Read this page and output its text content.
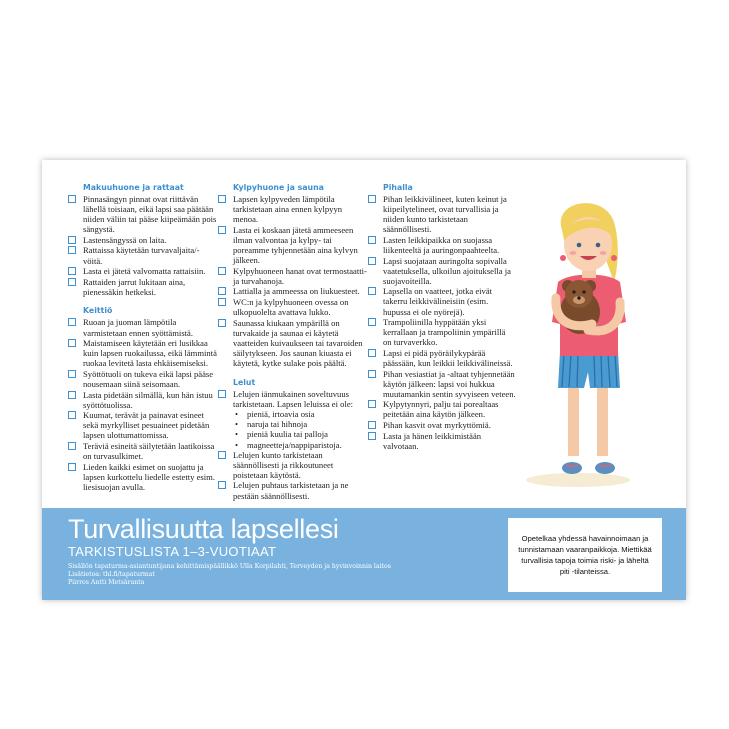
Makuuhuone ja rattaat
Pinnasängyn pinnat ovat riittävän lähellä toisiaan, eikä lapsi saa päätään niiden väliin tai pääse kiipeämään pois sängystä.
Lastensängyssä on laita.
Rattaissa käytetään turvavaljaita/-vöitä.
Lasta ei jätetä valvomatta rattaisiin.
Rattaiden jarrut lukitaan aina, pienessäkin hetkeksi.
Keittiö
Ruoan ja juoman lämpötila varmistetaan ennen syöttämistä.
Maistamiseen käytetään eri lusikkaa kuin lapsen ruokailussa, eikä lämmintä ruokaa levitetä lasta ehkäisemiseksi.
Syöttötuoli on tukeva eikä lapsi pääse nousemaan siinä seisomaan.
Lasta pidetään silmällä, kun hän istuu syöttötuolissa.
Kuumat, terävät ja painavat esineet sekä myrkylliset pesuaineet pidetään lapsen ulottumattomissa.
Teräviä esineitä säilytetään laatikoissa on turvasulkimet.
Lieden kaikki esimet on suojattu ja lapsen kurkottelu liedelle estetty esim. liesisuojan avulla.
Kylpyhuone ja sauna
Lapsen kylpyveden lämpötila tarkistetaan aina ennen kylpyyn menoa.
Lasta ei koskaan jätetä ammeeseen ilman valvontaa ja kylpy- tai poreamme tyhjennetään aina kylvyn jälkeen.
Kylpyhuoneen hanat ovat termostaatti- ja turvahanoja.
Lattialla ja ammeessa on liukuesteet.
WC:n ja kylpyhuoneen ovessa on ulkopuolelta avattava lukko.
Saunassa kiukaan ympärillä on turvakaide ja saunaa ei käytetä vaatteiden kuivaukseen tai tavaroiden säilytykseen. Jos saunan kiuasta ei käytetä, kytke sulake pois päältä.
Lelut
Lelujen iänmukainen soveltuvuus tarkistetaan. Lapsen leluissa ei ole:
• pieniä, irtoavia osia
• naruja tai hihnoja
• pieniä kuulia tai palloja
• magneetteja/nappiparistoja.
Lelujen kunto tarkistetaan säännöllisesti ja rikkoutuneet poistetaan käytöstä.
Lelujen puhtaus tarkistetaan ja ne pestään säännöllisesti.
Pihalla
Pihan leikkivälineet, kuten keinut ja kiipeilytelineet, ovat turvallisia ja niiden kunto tarkistetaan säännöllisesti.
Lasten leikkipaikka on suojassa liikenteeltä ja auringonpaahteelta.
Lapsi suojataan auringolta sopivalla vaatetuksella, ulkoilun ajoituksella ja suojavoiteilla.
Lapsella on vaatteet, jotka eivät takerru leikkivälineisiin (esim. hupussa ei ole nyörejä).
Trampoliinilla hyppätään yksi kerrallaan ja trampoliinin ympärillä on turvaverkko.
Lapsi ei pidä pyöräilykypärää päässään, kun leikkii leikkivälineissä.
Pihan vesiastiat ja -altaat tyhjennetään käytön jälkeen: lapsi voi hukkua muutamankin sentin syvyiseen veteen.
Kylpytynnyri, palju tai porealtaas peitetään aina käytön jälkeen.
Pihan kasvit ovat myrkyttömiä.
Lasta ja hänen leikkimistään valvotaan.
Turvallisuutta lapsellesi
TARKISTUSLISTA 1–3-VUOTIAAT
Sisällön tapaturma-asiantuntijana kehittämispäällikkö Ulla Korpilahti, Terveyden ja hyvinvoinnin laitos
Lisätietoa: thl.fi/tapaturmat
Piirros Antti Metsäranta
Opetelkaa yhdessä havainnoimaan ja tunnistamaan vaaranpaikkoja. Miettikää turvallisia tapoja toimia riski- ja läheltä piti -tilanteissa.
